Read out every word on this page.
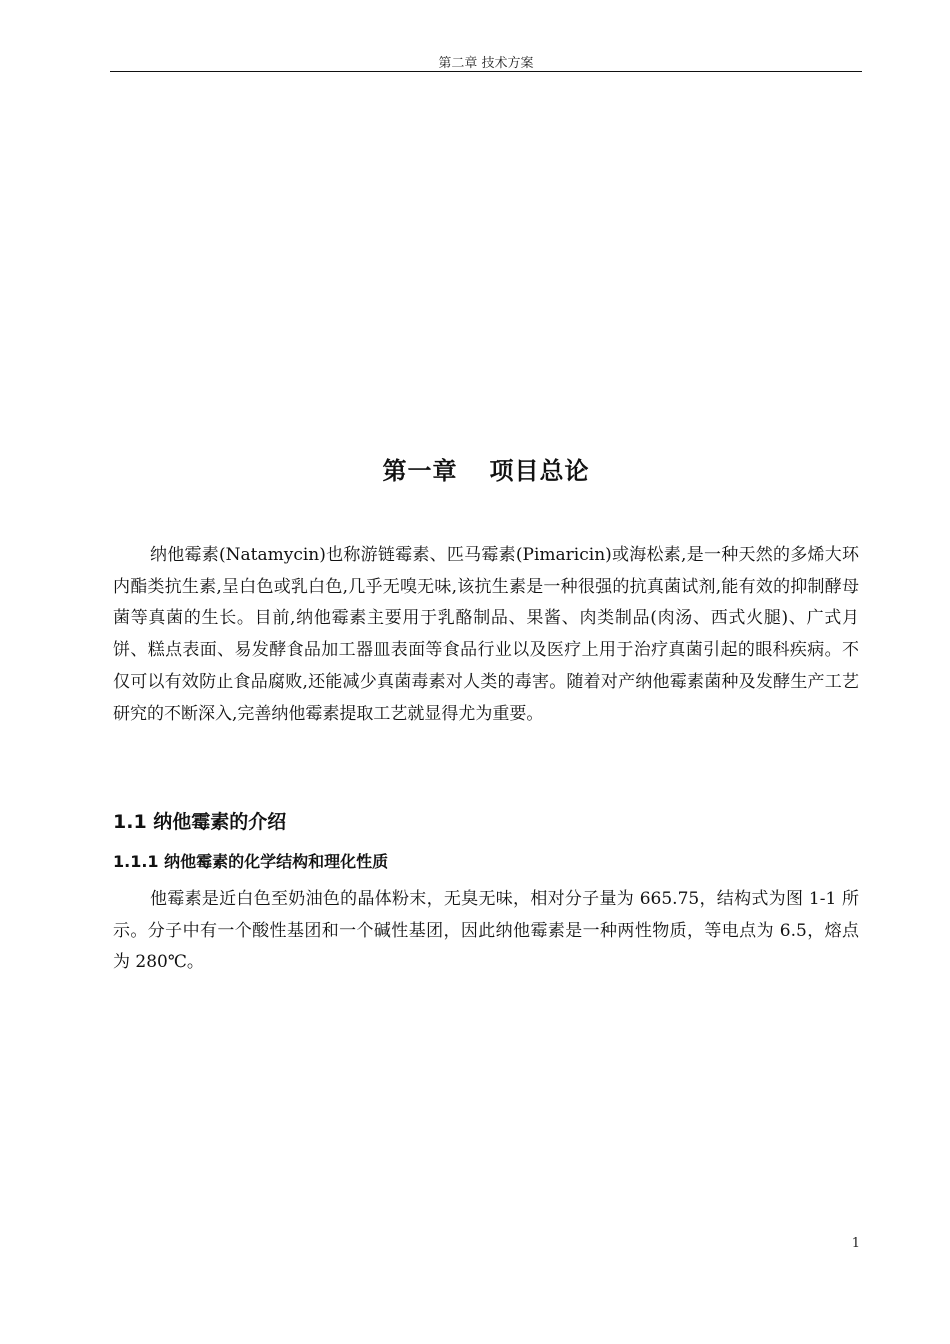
第二章 技术方案
第一章 项目总论

纳他霉素(Natamycin)也称游链霉素、匹马霉素(Pimaricin)或海松素,是一种天然的多烯大环内酯类抗生素,呈白色或乳白色,几乎无嗅无味,该抗生素是一种很强的抗真菌试剂,能有效的抑制酵母菌等真菌的生长。目前,纳他霉素主要用于乳酪制品、果酱、肉类制品(肉汤、西式火腿)、广式月饼、糕点表面、易发酵食品加工器皿表面等食品行业以及医疗上用于治疗真菌引起的眼科疾病。不仅可以有效防止食品腐败,还能减少真菌毒素对人类的毒害。随着对产纳他霉素菌种及发酵生产工艺研究的不断深入,完善纳他霉素提取工艺就显得尤为重要。

1.1 纳他霉素的介绍
1.1.1 纳他霉素的化学结构和理化性质

他霉素是近白色至奶油色的晶体粉末，无臭无味，相对分子量为 665.75，结构式为图 1-1 所示。分子中有一个酸性基团和一个碱性基团，因此纳他霉素是一种两性物质，等电点为 6.5，熔点为 280℃。

1
